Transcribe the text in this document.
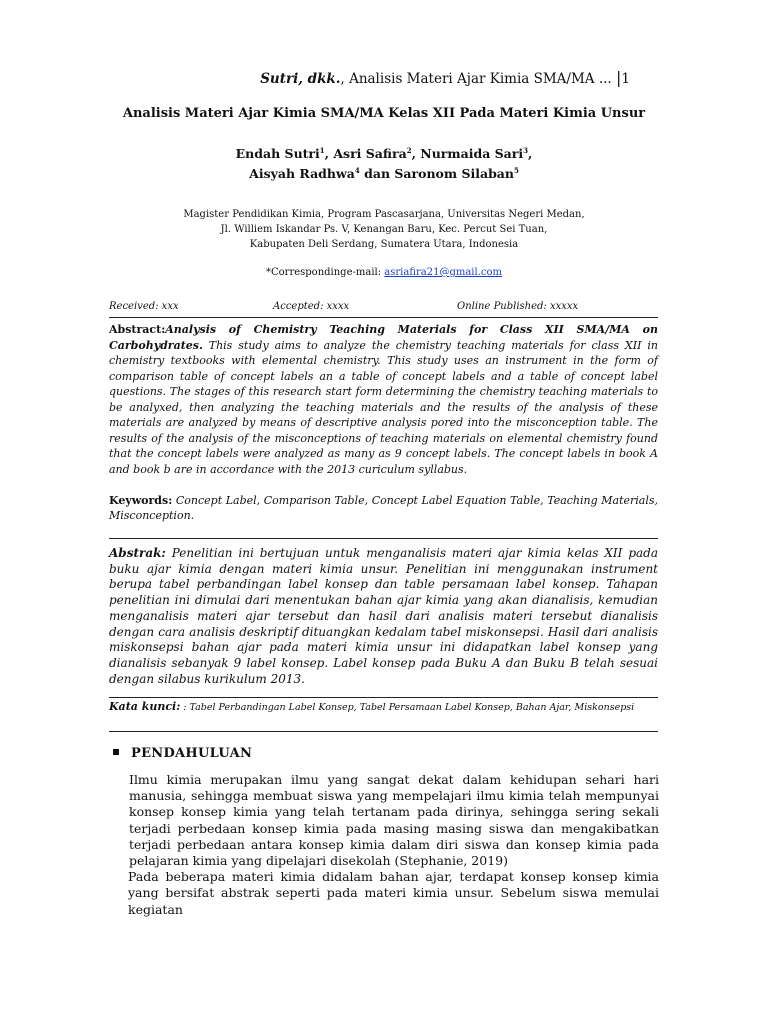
Sutri, dkk., Analisis Materi Ajar Kimia SMA/MA ... |1
Analisis Materi Ajar Kimia SMA/MA Kelas XII Pada Materi Kimia Unsur
Endah Sutri$^1$, Asri Safira$^2$, Nurmaida Sari$^3$,
Aisyah Radhwa$^4$ dan Saronom Silaban$^5$
Magister Pendidikan Kimia, Program Pascasarjana, Universitas Negeri Medan,
Jl. Williem Iskandar Ps. V, Kenangan Baru, Kec. Percut Sei Tuan,
Kabupaten Deli Serdang, Sumatera Utara, Indonesia
*Correspondinge-mail: asriafira21@gmail.com
Received: xxx	Accepted: xxxx	Online Published: xxxxx
Abstract:Analysis of Chemistry Teaching Materials for Class XII SMA/MA on Carbohydrates. This study aims to analyze the chemistry teaching materials for class XII in chemistry textbooks with elemental chemistry. This study uses an instrument in the form of comparison table of concept labels an a table of concept labels and a table of concept label questions. The stages of this research start form determining the chemistry teaching materials to be analyxed, then analyzing the teaching materials and the results of the analysis of these materials are analyzed by means of descriptive analysis pored into the misconception table. The results of the analysis of the misconceptions of teaching materials on elemental chemistry found that the concept labels were analyzed as many as 9 concept labels. The concept labels in book A and book b are in accordance with the 2013 curiculum syllabus.
Keywords: Concept Label, Comparison Table, Concept Label Equation Table, Teaching Materials, Misconception.
Abstrak: Penelitian ini bertujuan untuk menganalisis materi ajar kimia kelas XII pada buku ajar kimia dengan materi kimia unsur. Penelitian ini menggunakan instrument berupa tabel perbandingan label konsep dan table persamaan label konsep. Tahapan penelitian ini dimulai dari menentukan bahan ajar kimia yang akan dianalisis, kemudian menganalisis materi ajar tersebut dan hasil dari analisis materi tersebut dianalisis dengan cara analisis deskriptif dituangkan kedalam tabel miskonsepsi. Hasil dari analisis miskonsepsi bahan ajar pada materi kimia unsur ini didapatkan label konsep yang dianalisis sebanyak 9 label konsep. Label konsep pada Buku A dan Buku B telah sesuai dengan silabus kurikulum 2013.
Kata kunci: : Tabel Perbandingan Label Konsep, Tabel Persamaan Label Konsep, Bahan Ajar, Miskonsepsi
PENDAHULUAN

Ilmu kimia merupakan ilmu yang sangat dekat dalam kehidupan sehari hari manusia, sehingga membuat siswa yang mempelajari ilmu kimia telah mempunyai konsep konsep kimia yang telah tertanam pada dirinya, sehingga sering sekali terjadi perbedaan konsep kimia pada masing masing siswa dan mengakibatkan terjadi perbedaan antara konsep kimia dalam diri siswa dan konsep kimia pada pelajaran kimia yang dipelajari disekolah (Stephanie, 2019)

Pada beberapa materi kimia didalam bahan ajar, terdapat konsep konsep kimia yang bersifat abstrak seperti pada materi kimia unsur. Sebelum siswa memulai kegiatan
